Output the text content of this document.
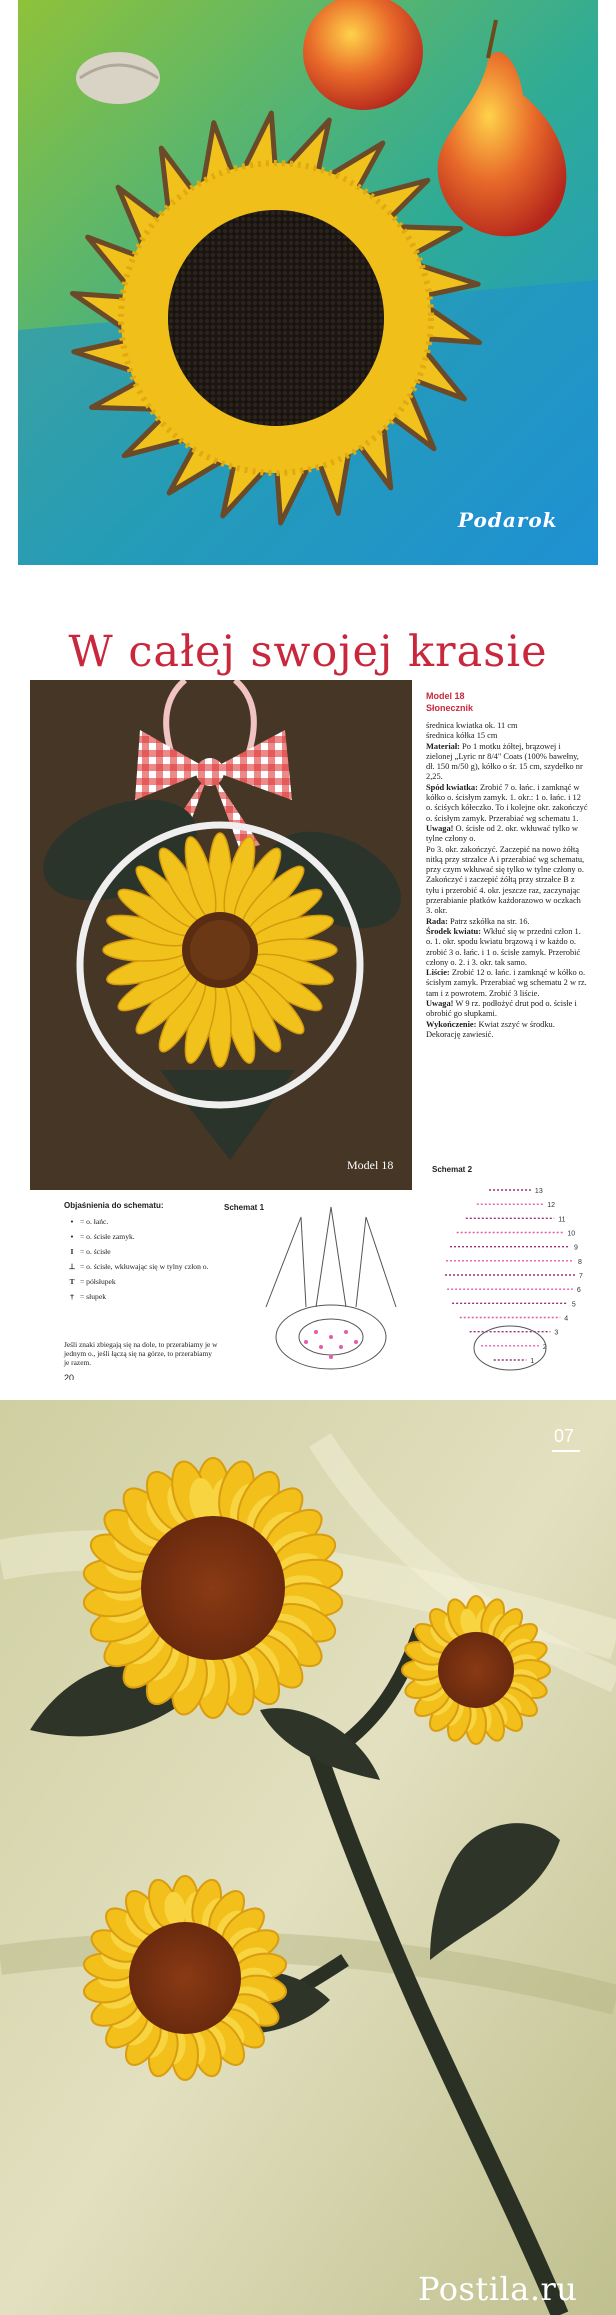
Podarok
W całej swojej krasie
Model 18
Model 18
Słonecznik
średnica kwiatka ok. 11 cm
średnica kółka 15 cm
Materiał: Po 1 motku żółtej, brązowej i zielonej „Lyric nr 8/4" Coats (100% bawełny, dł. 150 m/50 g), kółko o śr. 15 cm, szydełko nr 2,25.
Spód kwiatka: Zrobić 7 o. łańc. i zamknąć w kółko o. ścisłym zamyk. 1. okr.: 1 o. łańc. i 12 o. ściśych kółeczko. To i kolejne okr. zakończyć o. ścisłym zamyk. Przerabiać wg schematu 1.
Uwaga! O. ścisłe od 2. okr. wkłuwać tylko w tylne człony o.
Po 3. okr. zakończyć. Zaczepić na nowo żółtą nitką przy strzałce A i przerabiać wg schematu, przy czym wkłuwać się tylko w tylne człony o. Zakończyć i zaczepić żółtą przy strzałce B z tyłu i przerobić 4. okr. jeszcze raz, zaczynając przerabianie płatków każdorazowo w oczkach 3. okr.
Rada: Patrz szkółka na str. 16.
Środek kwiatu: Wkłuć się w przedni człon 1. o. 1. okr. spodu kwiatu brązową i w każdo o. zrobić 3 o. łańc. i 1 o. ścisłe zamyk. Przerobić człony o. 2. i 3. okr. tak samo.
Liście: Zrobić 12 o. łańc. i zamknąć w kółko o. ścisłym zamyk. Przerabiać wg schematu 2 w rz. tam i z powrotem. Zrobić 3 liście.
Uwaga! W 9 rz. podłożyć drut pod o. ścisłe i obrobić go słupkami.
Wykończenie: Kwiat zszyć w środku. Dekorację zawiesić.
Schemat 2
13
12
11
10
9
8
7
6
5
4
3
2
1
Objaśnienia do schematu:
• = o. łańc.
• = o. ścisłe zamyk.
I = o. ścisłe
⊥ = o. ścisłe, wkłuwając się w tylny człon o.
T = półsłupek
† = słupek
Jeśli znaki zbiegają się na dole, to przerabiamy je w jednym o., jeśli łączą się na górze, to przerabiamy je razem.
20
Schemat 1
07
Postila.ru
